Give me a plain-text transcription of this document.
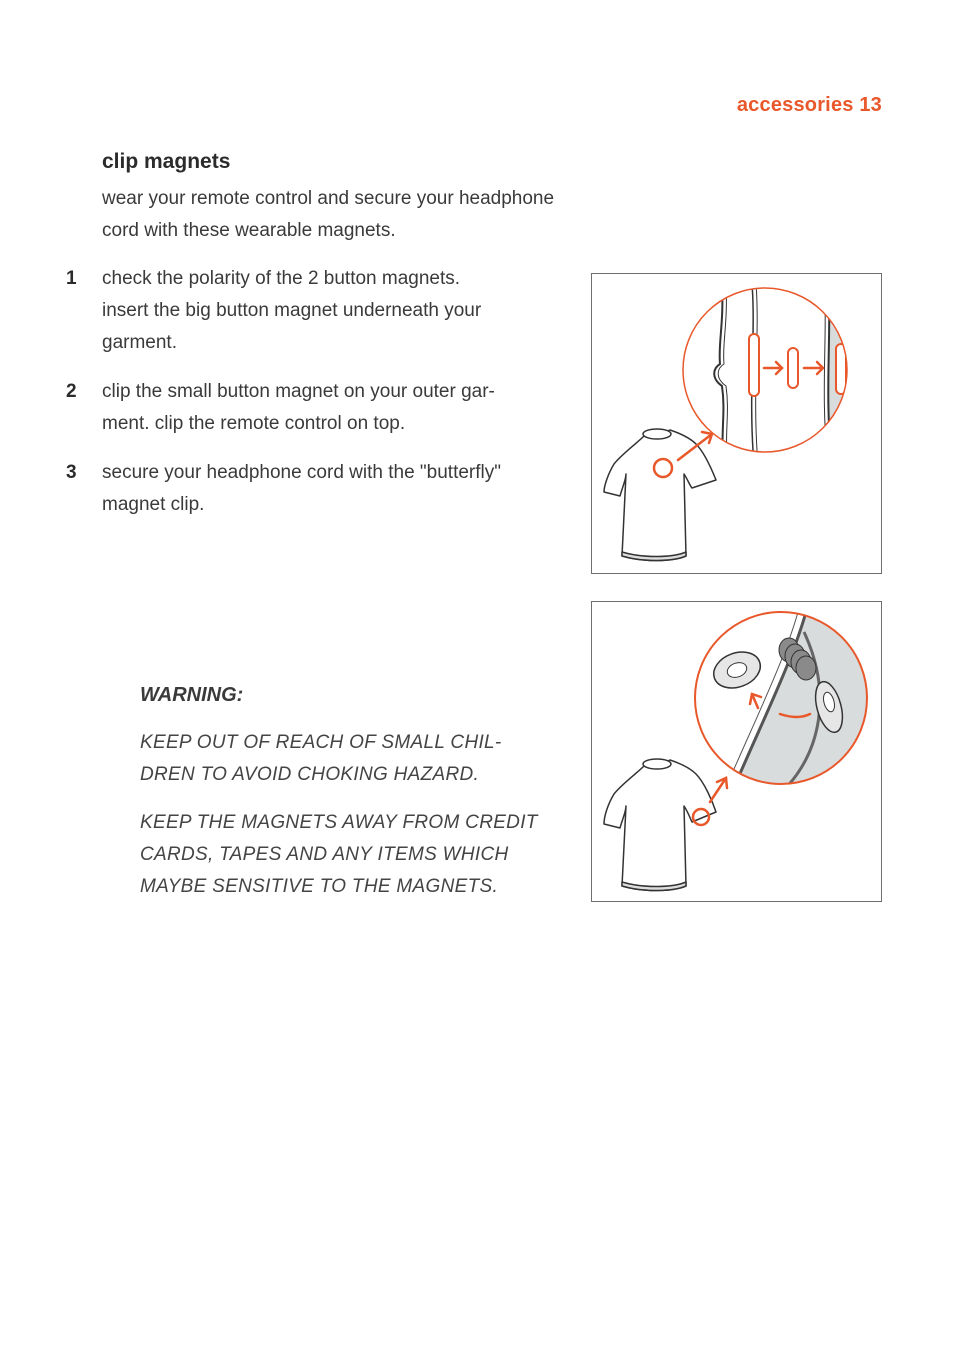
accessories 13
clip magnets

wear your remote control and secure your headphone

cord with these wearable magnets.

1 check the polarity of the 2 button magnets.

insert the big button magnet underneath your

garment.

2 clip the small button magnet on your outer gar-

ment. clip the remote control on top.

3 secure your headphone cord with the "butterfly"

magnet clip.

WARNING:

KEEP OUT OF REACH OF SMALL CHIL-
DREN TO AVOID CHOKING HAZARD.

KEEP THE MAGNETS AWAY FROM CREDIT
CARDS, TAPES AND ANY ITEMS WHICH
MAYBE SENSITIVE TO THE MAGNETS.
